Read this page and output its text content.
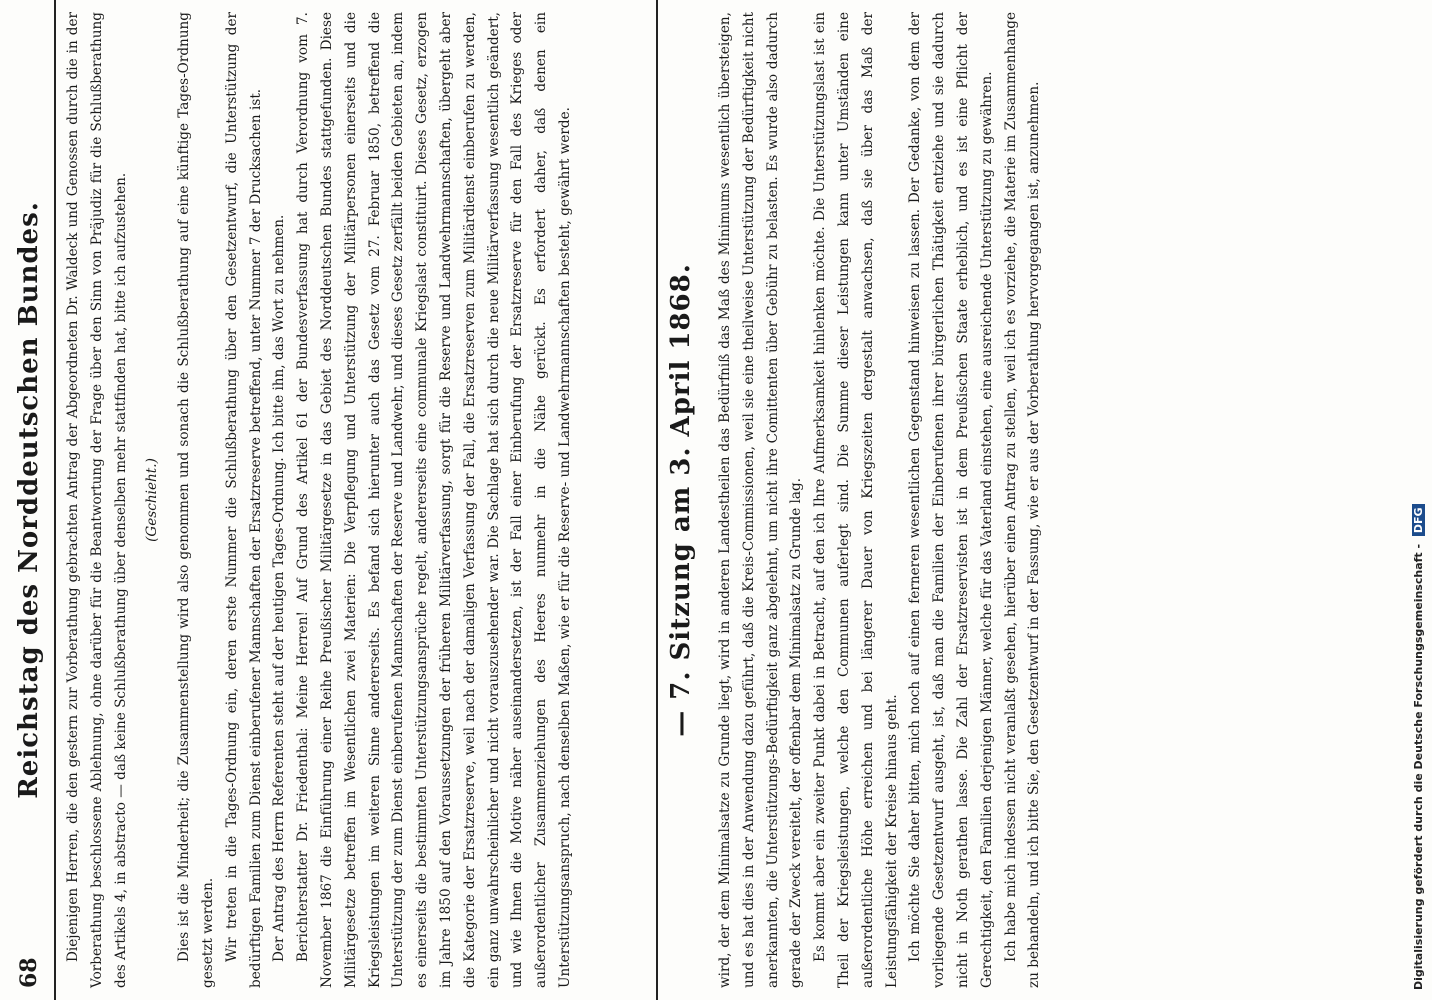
68
Reichstag des Norddeutschen Bundes. Diejenigen Herren, die den gestern zur Vorberathung gebrachten Antrag der Abgeordneten Dr. Waldeck und Genossen durch die in der Vorberathung beschlossene Ablehnung, ohne darüber für die Beantwortung der Frage über den Sinn von Präjudiz für die Schlußberathung des Artikels 4, in abstracto — daß keine Schlußberathung über denselben mehr stattfinden hat, bitte ich aufzustehen.	(Geschieht.)	Dies ist die Minderheit; die Zusammenstellung wird also genommen und sonach die Schlußberathung auf eine künftige Tages-Ordnung gesetzt werden. Wir treten in die Tages-Ordnung ein, deren erste Nummer die Schlußberathung über den Gesetzentwurf, die Unterstützung der bedürftigen Familien zum Dienst einberufener Mannschaften der Ersatzreserve betreffend, unter Nummer 7 der Drucksachen ist. Der Antrag des Herrn Referenten steht auf der heutigen Tages-Ordnung. Ich bitte ihn, das Wort zu nehmen. Berichterstatter Dr. Friedenthal: Meine Herren! Auf Grund des Artikel 61 der Bundesverfassung hat durch Verordnung vom 7. November 1867 die Einführung einer Reihe Preußischer Militärgesetze in das Gebiet des Norddeutschen Bundes stattgefunden. Diese Militärgesetze betreffen im Wesentlichen zwei Materien: Die Verpflegung und Unterstützung der Militärpersonen einerseits und die Kriegsleistungen im weiteren Sinne andererseits. Es befand sich hierunter auch das Gesetz vom 27. Februar 1850, betreffend die Unterstützung der zum Dienst einberufenen Mannschaften der Reserve und Landwehr, und dieses Gesetz zerfällt beiden Gebieten an, indem es einerseits die bestimmten Unterstützungsansprüche regelt, andererseits eine communale Kriegslast constituirt. Dieses Gesetz, erzogen im Jahre 1850 auf den Voraussetzungen der früheren Militärverfassung, sorgt für die Reserve und Landwehrmannschaften, übergeht aber die Kategorie der Ersatzreserve, weil nach der damaligen Verfassung der Fall, die Ersatzreserven zum Militärdienst einberufen zu werden, ein ganz unwahrscheinlicher und nicht vorauszusehender war. Die Sachlage hat sich durch die neue Militärverfassung wesentlich geändert, und wie Ihnen die Motive näher auseinandersetzen, ist der Fall einer Einberufung der Ersatzreserve für den Fall des Krieges oder außerordentlicher Zusammenziehungen des Heeres nunmehr in die Nähe gerückt. Es erfordert daher, daß denen ein Unterstützungsanspruch, nach denselben Maßen, wie er für die Reserve- und Landwehrmannschaften besteht, gewährt werde.	— 7. Sitzung am 3. April 1868. wird, der dem Minimalsatze zu Grunde liegt, wird in anderen Landestheilen das Bedürfniß das Maß des Minimums wesentlich übersteigen, und es hat dies in der Anwendung dazu geführt, daß die Kreis-Commissionen, weil sie eine theilweise Unterstützung der Bedürftigkeit nicht anerkannten, die Unterstützungs-Bedürftigkeit ganz abgelehnt, um nicht ihre Comittenten über Gebühr zu belasten. Es wurde also dadurch gerade der Zweck vereitelt, der offenbar dem Minimalsatz zu Grunde lag. Es kommt aber ein zweiter Punkt dabei in Betracht, auf den ich Ihre Aufmerksamkeit hinlenken möchte. Die Unterstützungslast ist ein Theil der Kriegsleistungen, welche den Communen auferlegt sind. Die Summe dieser Leistungen kann unter Umständen eine außerordentliche Höhe erreichen und bei längerer Dauer von Kriegszeiten dergestalt anwachsen, daß sie über das Maß der Leistungsfähigkeit der Kreise hinaus geht. Ich möchte Sie daher bitten, mich noch auf einen ferneren wesentlichen Gegenstand hinweisen zu lassen. Der Gedanke, von dem der vorliegende Gesetzentwurf ausgeht, ist, daß man die Familien der Einberufenen ihrer bürgerlichen Thätigkeit entziehe und sie dadurch nicht in Noth gerathen lasse. Die Zahl der Ersatzreservisten ist in dem Preußischen Staate erheblich, und es ist eine Pflicht der Gerechtigkeit, den Familien derjenigen Männer, welche für das Vaterland einstehen, eine ausreichende Unterstützung zu gewähren. Ich habe mich indessen nicht veranlaßt gesehen, hierüber einen Antrag zu stellen, weil ich es vorziehe, die Materie im Zusammenhange zu behandeln, und ich bitte Sie, den Gesetzentwurf in der Fassung, wie er aus der Vorberathung hervorgegangen ist, anzunehmen.	Digitalisierung gefördert durch die Deutsche Forschungsgemeinschaft - DFG
